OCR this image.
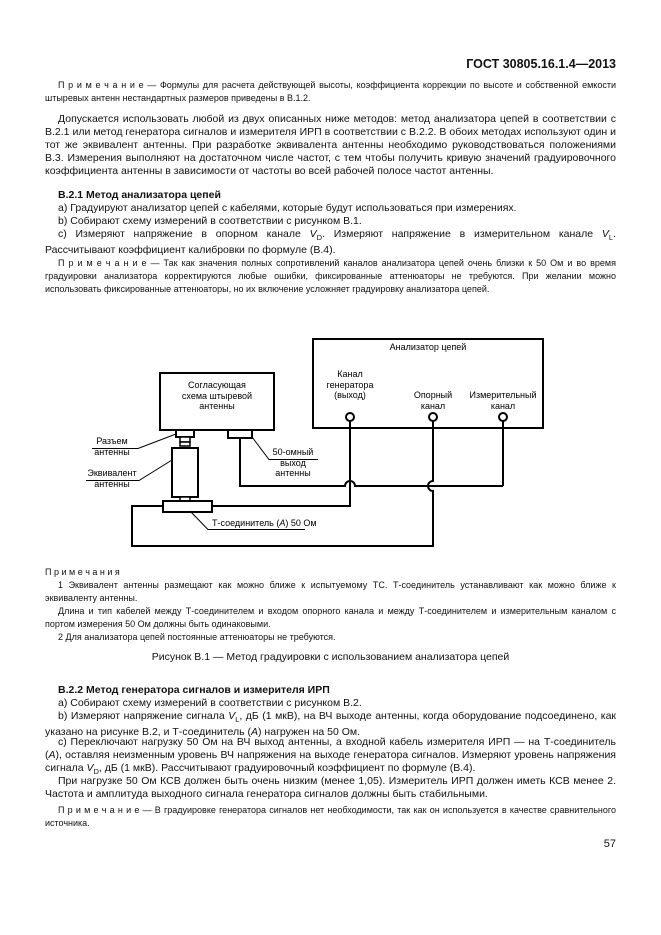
ГОСТ 30805.16.1.4—2013
П р и м е ч а н и е — Формулы для расчета действующей высоты, коэффициента коррекции по высоте и собственной емкости штыревых антенн нестандартных размеров приведены в В.1.2.
Допускается использовать любой из двух описанных ниже методов: метод анализатора цепей в соответствии с В.2.1 или метод генератора сигналов и измерителя ИРП в соответствии с В.2.2. В обоих методах используют один и тот же эквивалент антенны. При разработке эквивалента антенны необходимо руководствоваться положениями В.3. Измерения выполняют на достаточном числе частот, с тем чтобы получить кривую значений градуировочного коэффициента антенны в зависимости от частоты во всей рабочей полосе частот антенны.
В.2.1 Метод анализатора цепей
a) Градуируют анализатор цепей с кабелями, которые будут использоваться при измерениях.
b) Собирают схему измерений в соответствии с рисунком В.1.
c) Измеряют напряжение в опорном канале $V_D$. Измеряют напряжение в измерительном канале $V_L$. Рассчитывают коэффициент калибровки по формуле (В.4).
П р и м е ч а н и е — Так как значения полных сопротивлений каналов анализатора цепей очень близки к 50 Ом и во время градуировки анализатора корректируются любые ошибки, фиксированные аттенюаторы не требуются. При желании можно использовать фиксированные аттенюаторы, но их включение усложняет градуировку анализатора цепей.
Анализатор цепей
Канал
генератора
(выход)	Опорный
канал
Измерительный
канал
Согласующая
схема штыревой
антенны
Разъем
антенны
Эквивалент
антенны
50-омный
выход
антенны
Т-соединитель (А) 50 Ом
П р и м е ч а н и я
1 Эквивалент антенны размещают как можно ближе к испытуемому ТС. Т-соединитель устанавливают как можно ближе к эквиваленту антенны.
Длина и тип кабелей между Т-соединителем и входом опорного канала и между Т-соединителем и измерительным каналом с портом измерения 50 Ом должны быть одинаковыми.
2 Для анализатора цепей постоянные аттенюаторы не требуются.
Рисунок В.1 — Метод градуировки с использованием анализатора цепей
В.2.2 Метод генератора сигналов и измерителя ИРП
a) Собирают схему измерений в соответствии с рисунком В.2.
b) Измеряют напряжение сигнала $V_L$, дБ (1 мкВ), на ВЧ выходе антенны, когда оборудование подсоединено, как указано на рисунке В.2, и Т-соединитель (А) нагружен на 50 Ом.
c) Переключают нагрузку 50 Ом на ВЧ выход антенны, а входной кабель измерителя ИРП — на Т-соединитель (А), оставляя неизменным уровень ВЧ напряжения на выходе генератора сигналов. Измеряют уровень напряжения сигнала $V_D$, дБ (1 мкВ). Рассчитывают градуировочный коэффициент по формуле (В.4).
При нагрузке 50 Ом КСВ должен быть очень низким (менее 1,05). Измеритель ИРП должен иметь КСВ менее 2. Частота и амплитуда выходного сигнала генератора сигналов должны быть стабильными.
П р и м е ч а н и е — В градуировке генератора сигналов нет необходимости, так как он используется в качестве сравнительного источника.
57
